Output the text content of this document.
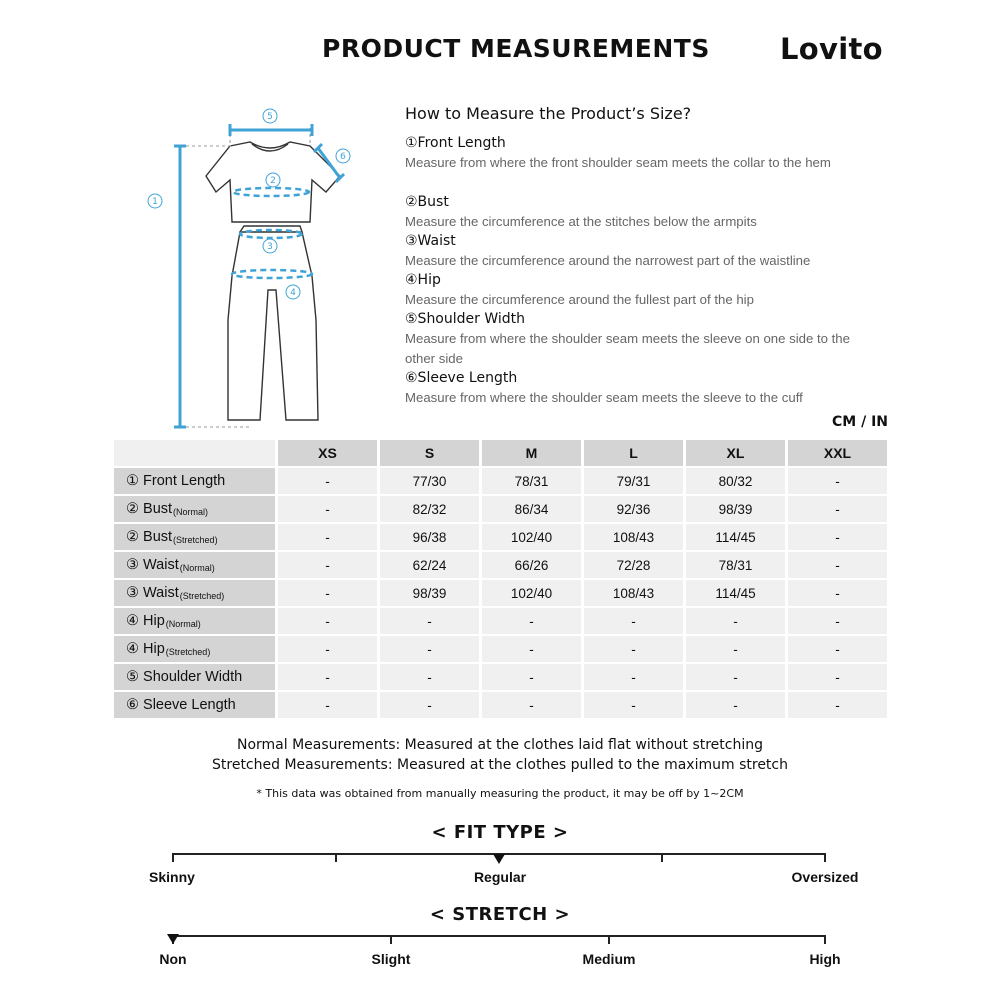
PRODUCT MEASUREMENTS Lovito
5
6
1
2
3
4
How to Measure the Product’s Size?
①Front Length
Measure from where the front shoulder seam meets the collar to the hem
②Bust
Measure the circumference at the stitches below the armpits
③Waist
Measure the circumference around the narrowest part of the waistline
④Hip
Measure the circumference around the fullest part of the hip
⑤Shoulder Width
Measure from where the shoulder seam meets the sleeve on one side to the other side
⑥Sleeve Length
Measure from where the shoulder seam meets the sleeve to the cuff
CM / IN
XS	S	M	L	XL	XXL
① Front Length	-	77/30	78/31	79/31	80/32	-
② Bust (Normal)	-	82/32	86/34	92/36	98/39	-
② Bust (Stretched)	-	96/38	102/40	108/43	114/45	-
③ Waist (Normal)	-	62/24	66/26	72/28	78/31	-
③ Waist (Stretched)	-	98/39	102/40	108/43	114/45	-
④ Hip (Normal)	-	-	-	-	-	-
④ Hip (Stretched)	-	-	-	-	-	-
⑤ Shoulder Width	-	-	-	-	-	-
⑥ Sleeve Length	-	-	-	-	-	-
Normal Measurements: Measured at the clothes laid flat without stretching
Stretched Measurements: Measured at the clothes pulled to the maximum stretch
* This data was obtained from manually measuring the product, it may be off by 1~2CM
< FIT TYPE >
Skinny	Regular	Oversized
< STRETCH >
Non	Slight	Medium	High
